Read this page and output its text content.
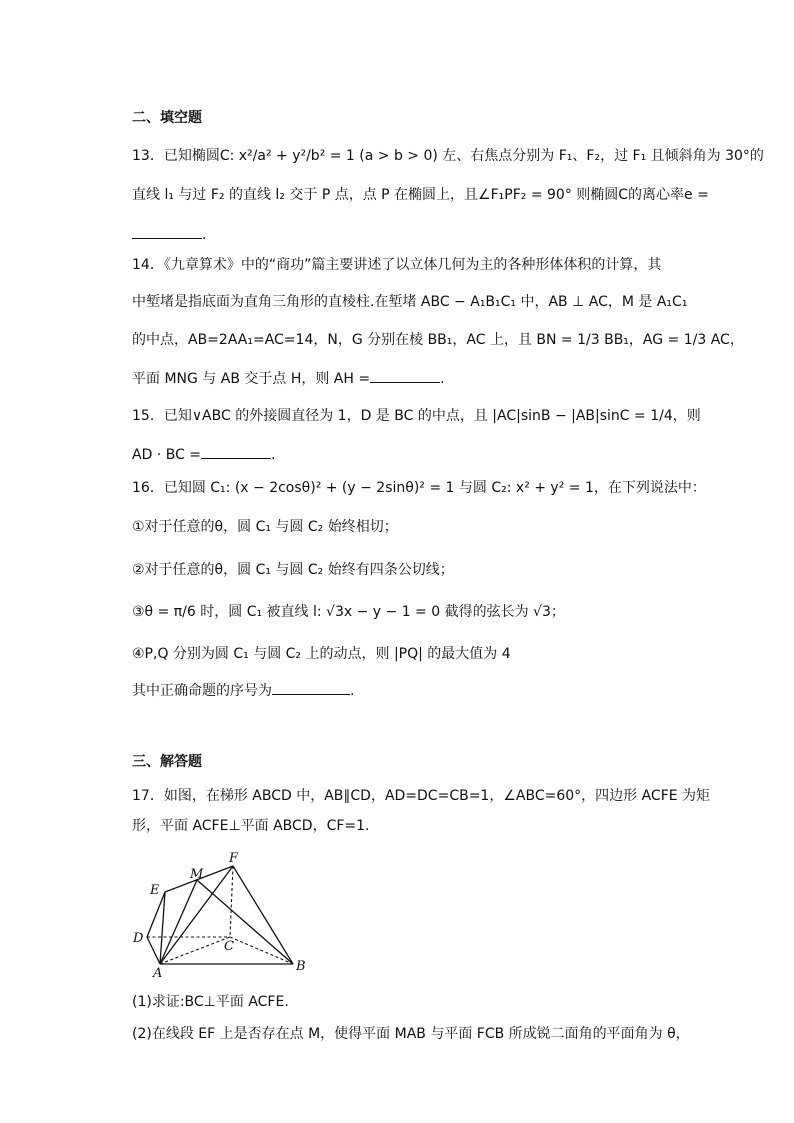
二、填空题
13．已知椭圆C: x²/a² + y²/b² = 1 (a > b > 0) 左、右焦点分别为 F₁、F₂，过 F₁ 且倾斜角为 30°的
直线 l₁ 与过 F₂ 的直线 l₂ 交于 P 点，点 P 在椭圆上，且∠F₁PF₂ = 90° 则椭圆C的离心率e =
.
14．《九章算术》中的“商功”篇主要讲述了以立体几何为主的各种形体体积的计算，其
中堑堵是指底面为直角三角形的直棱柱.在堑堵 ABC − A₁B₁C₁ 中，AB ⊥ AC，M 是 A₁C₁
的中点，AB=2AA₁=AC=14，N，G 分别在棱 BB₁，AC 上，且 BN = 1/3 BB₁，AG = 1/3 AC，
平面 MNG 与 AB 交于点 H，则 AH =	.
15．已知∨ABC 的外接圆直径为 1，D 是 BC 的中点，且 |AC|sinB − |AB|sinC = 1/4，则
AD · BC =	.
16．已知圆 C₁: (x − 2cosθ)² + (y − 2sinθ)² = 1 与圆 C₂: x² + y² = 1，在下列说法中：
①对于任意的θ，圆 C₁ 与圆 C₂ 始终相切；
②对于任意的θ，圆 C₁ 与圆 C₂ 始终有四条公切线；
③θ = π/6 时，圆 C₁ 被直线 l: √3x − y − 1 = 0 截得的弦长为 √3；
④P,Q 分别为圆 C₁ 与圆 C₂ 上的动点，则 |PQ| 的最大值为 4
其中正确命题的序号为	.
三、解答题
17．如图，在梯形 ABCD 中，AB∥CD，AD=DC=CB=1，∠ABC=60°，四边形 ACFE 为矩
形，平面 ACFE⊥平面 ABCD，CF=1.
E
M
F
D
C
A	B
(1)求证:BC⊥平面 ACFE.
(2)在线段 EF 上是否存在点 M，使得平面 MAB 与平面 FCB 所成锐二面角的平面角为 θ，
